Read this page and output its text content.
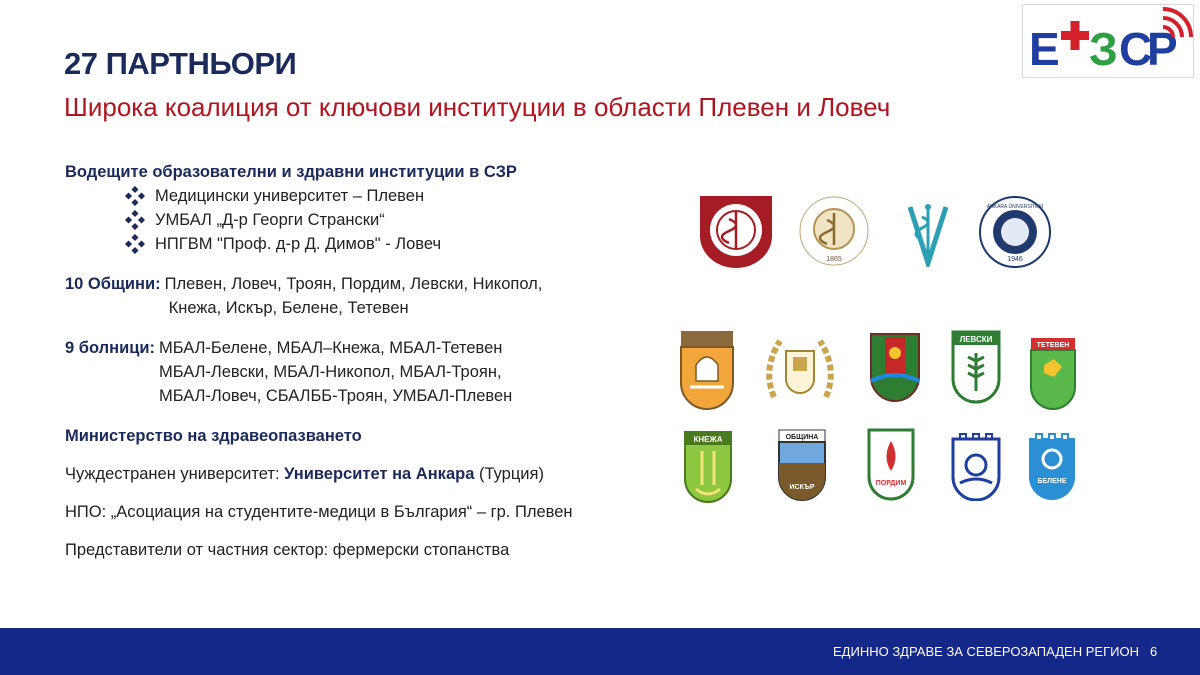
Е З С
Р
27 ПАРТНЬОРИ
Широка коалиция от ключови институции в области Плевен и Ловеч
Водещите образователни и здравни институции в СЗР
Медицински университет – Плевен
УМБАЛ „Д-р Георги Странски“
НПГВМ "Проф. д-р Д. Димов" - Ловеч
10 Общини: Плевен, Ловеч, Троян, Пордим, Левски, Никопол,
Кнежа, Искър, Белене, Тетевен
9 болници: МБАЛ-Белене, МБАЛ–Кнежа, МБАЛ-Тетевен
МБАЛ-Левски, МБАЛ-Никопол, МБАЛ-Троян,
МБАЛ-Ловеч, СБАЛББ-Троян, УМБАЛ-Плевен
Министерство на здравеопазването
Чуждестранен университет: Университет на Анкара (Турция)
НПО: „Асоциация на студентите-медици в България“ – гр. Плевен
Представители от частния сектор: фермерски стопанства
1865	1946
ANKARA ÜNİVERSİTESİ
ЛЕВСКИ
ТЕТЕВЕН
КНЕЖА	ОБЩИНА
ИСКЪР
ПОРДИМ	БЕЛЕНЕ
ЕДИННО ЗДРАВЕ ЗА СЕВЕРОЗАПАДЕН РЕГИОН 6
